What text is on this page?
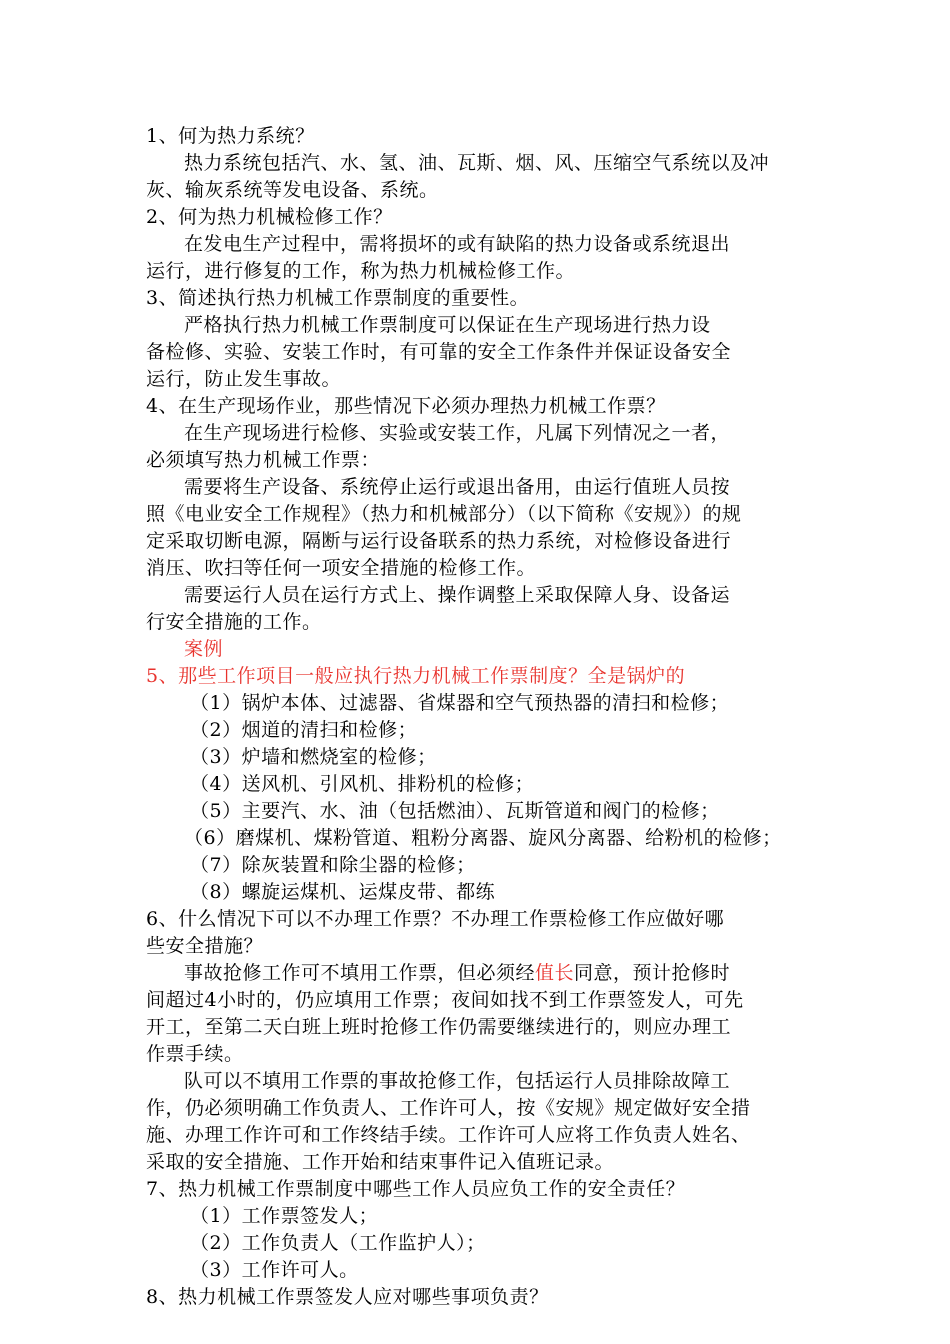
1、何为热力系统？
热力系统包括汽、水、氢、油、瓦斯、烟、风、压缩空气系统以及冲
灰、输灰系统等发电设备、系统。
2、何为热力机械检修工作？
在发电生产过程中，需将损坏的或有缺陷的热力设备或系统退出
运行，进行修复的工作，称为热力机械检修工作。
3、简述执行热力机械工作票制度的重要性。
严格执行热力机械工作票制度可以保证在生产现场进行热力设
备检修、实验、安装工作时，有可靠的安全工作条件并保证设备安全
运行，防止发生事故。
4、在生产现场作业，那些情况下必须办理热力机械工作票？
在生产现场进行检修、实验或安装工作，凡属下列情况之一者，
必须填写热力机械工作票：
需要将生产设备、系统停止运行或退出备用，由运行值班人员按
照《电业安全工作规程》（热力和机械部分）（以下简称《安规》）的规
定采取切断电源，隔断与运行设备联系的热力系统，对检修设备进行
消压、吹扫等任何一项安全措施的检修工作。
需要运行人员在运行方式上、操作调整上采取保障人身、设备运
行安全措施的工作。
案例
5、那些工作项目一般应执行热力机械工作票制度？全是锅炉的
（1）锅炉本体、过滤器、省煤器和空气预热器的清扫和检修；
（2）烟道的清扫和检修；
（3）炉墙和燃烧室的检修；
（4）送风机、引风机、排粉机的检修；
（5）主要汽、水、油（包括燃油）、瓦斯管道和阀门的检修；
（6）磨煤机、煤粉管道、粗粉分离器、旋风分离器、给粉机的检修；
（7）除灰装置和除尘器的检修；
（8）螺旋运煤机、运煤皮带、都练
6、什么情况下可以不办理工作票？不办理工作票检修工作应做好哪
些安全措施？
事故抢修工作可不填用工作票，但必须经值长同意，预计抢修时
间超过4小时的，仍应填用工作票；夜间如找不到工作票签发人，可先
开工，至第二天白班上班时抢修工作仍需要继续进行的，则应办理工
作票手续。
队可以不填用工作票的事故抢修工作，包括运行人员排除故障工
作，仍必须明确工作负责人、工作许可人，按《安规》规定做好安全措
施、办理工作许可和工作终结手续。工作许可人应将工作负责人姓名、
采取的安全措施、工作开始和结束事件记入值班记录。
7、热力机械工作票制度中哪些工作人员应负工作的安全责任？
（1）工作票签发人；
（2）工作负责人（工作监护人）；
（3）工作许可人。
8、热力机械工作票签发人应对哪些事项负责？
